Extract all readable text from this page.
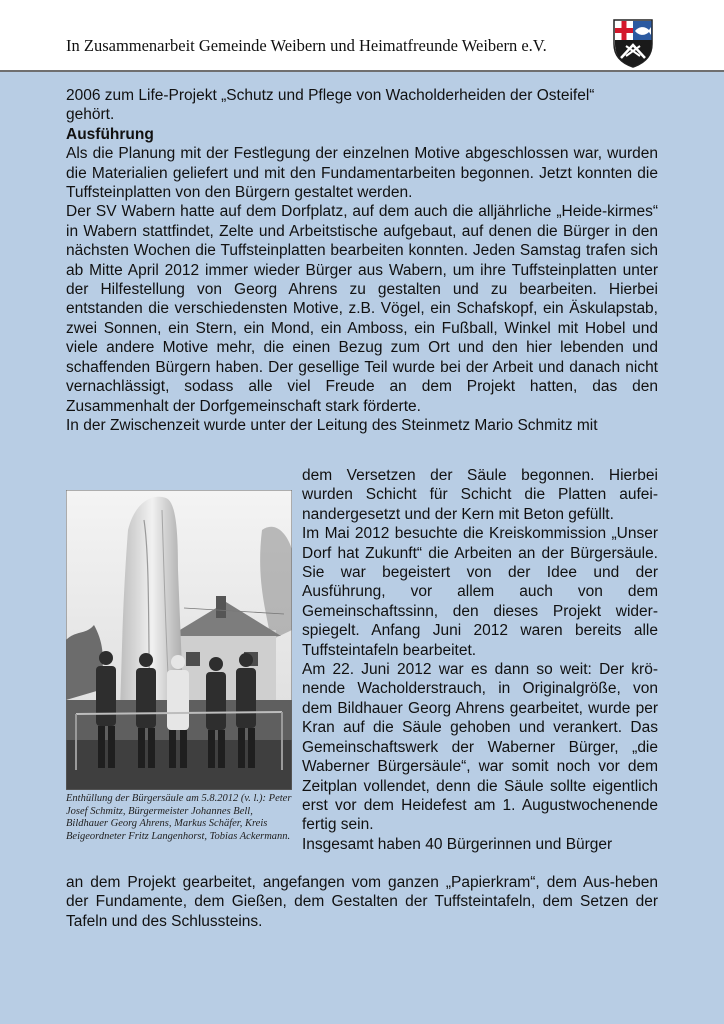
In Zusammenarbeit Gemeinde Weibern und Heimatfreunde Weibern e.V.

2006 zum Life-Projekt „Schutz und Pflege von Wacholderheiden der Osteifel“

gehört.

Ausführung

Als die Planung mit der Festlegung der einzelnen Motive abgeschlossen war, wurden die Materialien geliefert und mit den Fundamentarbeiten begonnen. Jetzt konnten die Tuffsteinplatten von den Bürgern gestaltet werden.

Der SV Wabern hatte auf dem Dorfplatz, auf dem auch die alljährliche „Heide-kirmes“ in Wabern stattfindet, Zelte und Arbeitstische aufgebaut, auf denen die Bürger in den nächsten Wochen die Tuffsteinplatten bearbeiten konnten. Jeden Samstag trafen sich ab Mitte April 2012 immer wieder Bürger aus Wabern, um ihre Tuffsteinplatten unter der Hilfestellung von Georg Ahrens zu gestalten und zu bearbeiten. Hierbei entstanden die verschiedensten Motive, z.B. Vögel, ein Schafskopf, ein Äskulapstab, zwei Sonnen, ein Stern, ein Mond, ein Amboss, ein Fußball, Winkel mit Hobel und viele andere Motive mehr, die einen Bezug zum Ort und den hier lebenden und schaffenden Bürgern haben. Der gesellige Teil wurde bei der Arbeit und danach nicht vernachlässigt, sodass alle viel Freude an dem Projekt hatten, das den Zusammenhalt der Dorfgemeinschaft stark förderte.

In der Zwischenzeit wurde unter der Leitung des Steinmetz Mario Schmitz mit

Enthüllung der Bürgersäule am 5.8.2012 (v. l.): Peter Josef Schmitz, Bürgermeister Johannes Bell, Bildhauer Georg Ahrens, Markus Schäfer, Kreis Beigeordneter Fritz Langenhorst, Tobias Ackermann.

dem Versetzen der Säule begonnen. Hierbei wurden Schicht für Schicht die Platten aufei-nandergesetzt und der Kern mit Beton gefüllt.

Im Mai 2012 besuchte die Kreiskommission „Unser Dorf hat Zukunft“ die Arbeiten an der Bürgersäule. Sie war begeistert von der Idee und der Ausführung, vor allem auch von dem Gemeinschaftssinn, den dieses Projekt wider-spiegelt. Anfang Juni 2012 waren bereits alle Tuffsteintafeln bearbeitet.

Am 22. Juni 2012 war es dann so weit: Der krö-nende Wacholderstrauch, in Originalgröße, von dem Bildhauer Georg Ahrens gearbeitet, wurde per Kran auf die Säule gehoben und verankert. Das Gemeinschaftswerk der Waberner Bürger, „die Waberner Bürgersäule“, war somit noch vor dem Zeitplan vollendet, denn die Säule sollte eigentlich erst vor dem Heidefest am 1. Augustwochenende fertig sein.

Insgesamt haben 40 Bürgerinnen und Bürger

an dem Projekt gearbeitet, angefangen vom ganzen „Papierkram“, dem Aus-heben der Fundamente, dem Gießen, dem Gestalten der Tuffsteintafeln, dem Setzen der Tafeln und des Schlussteins.
